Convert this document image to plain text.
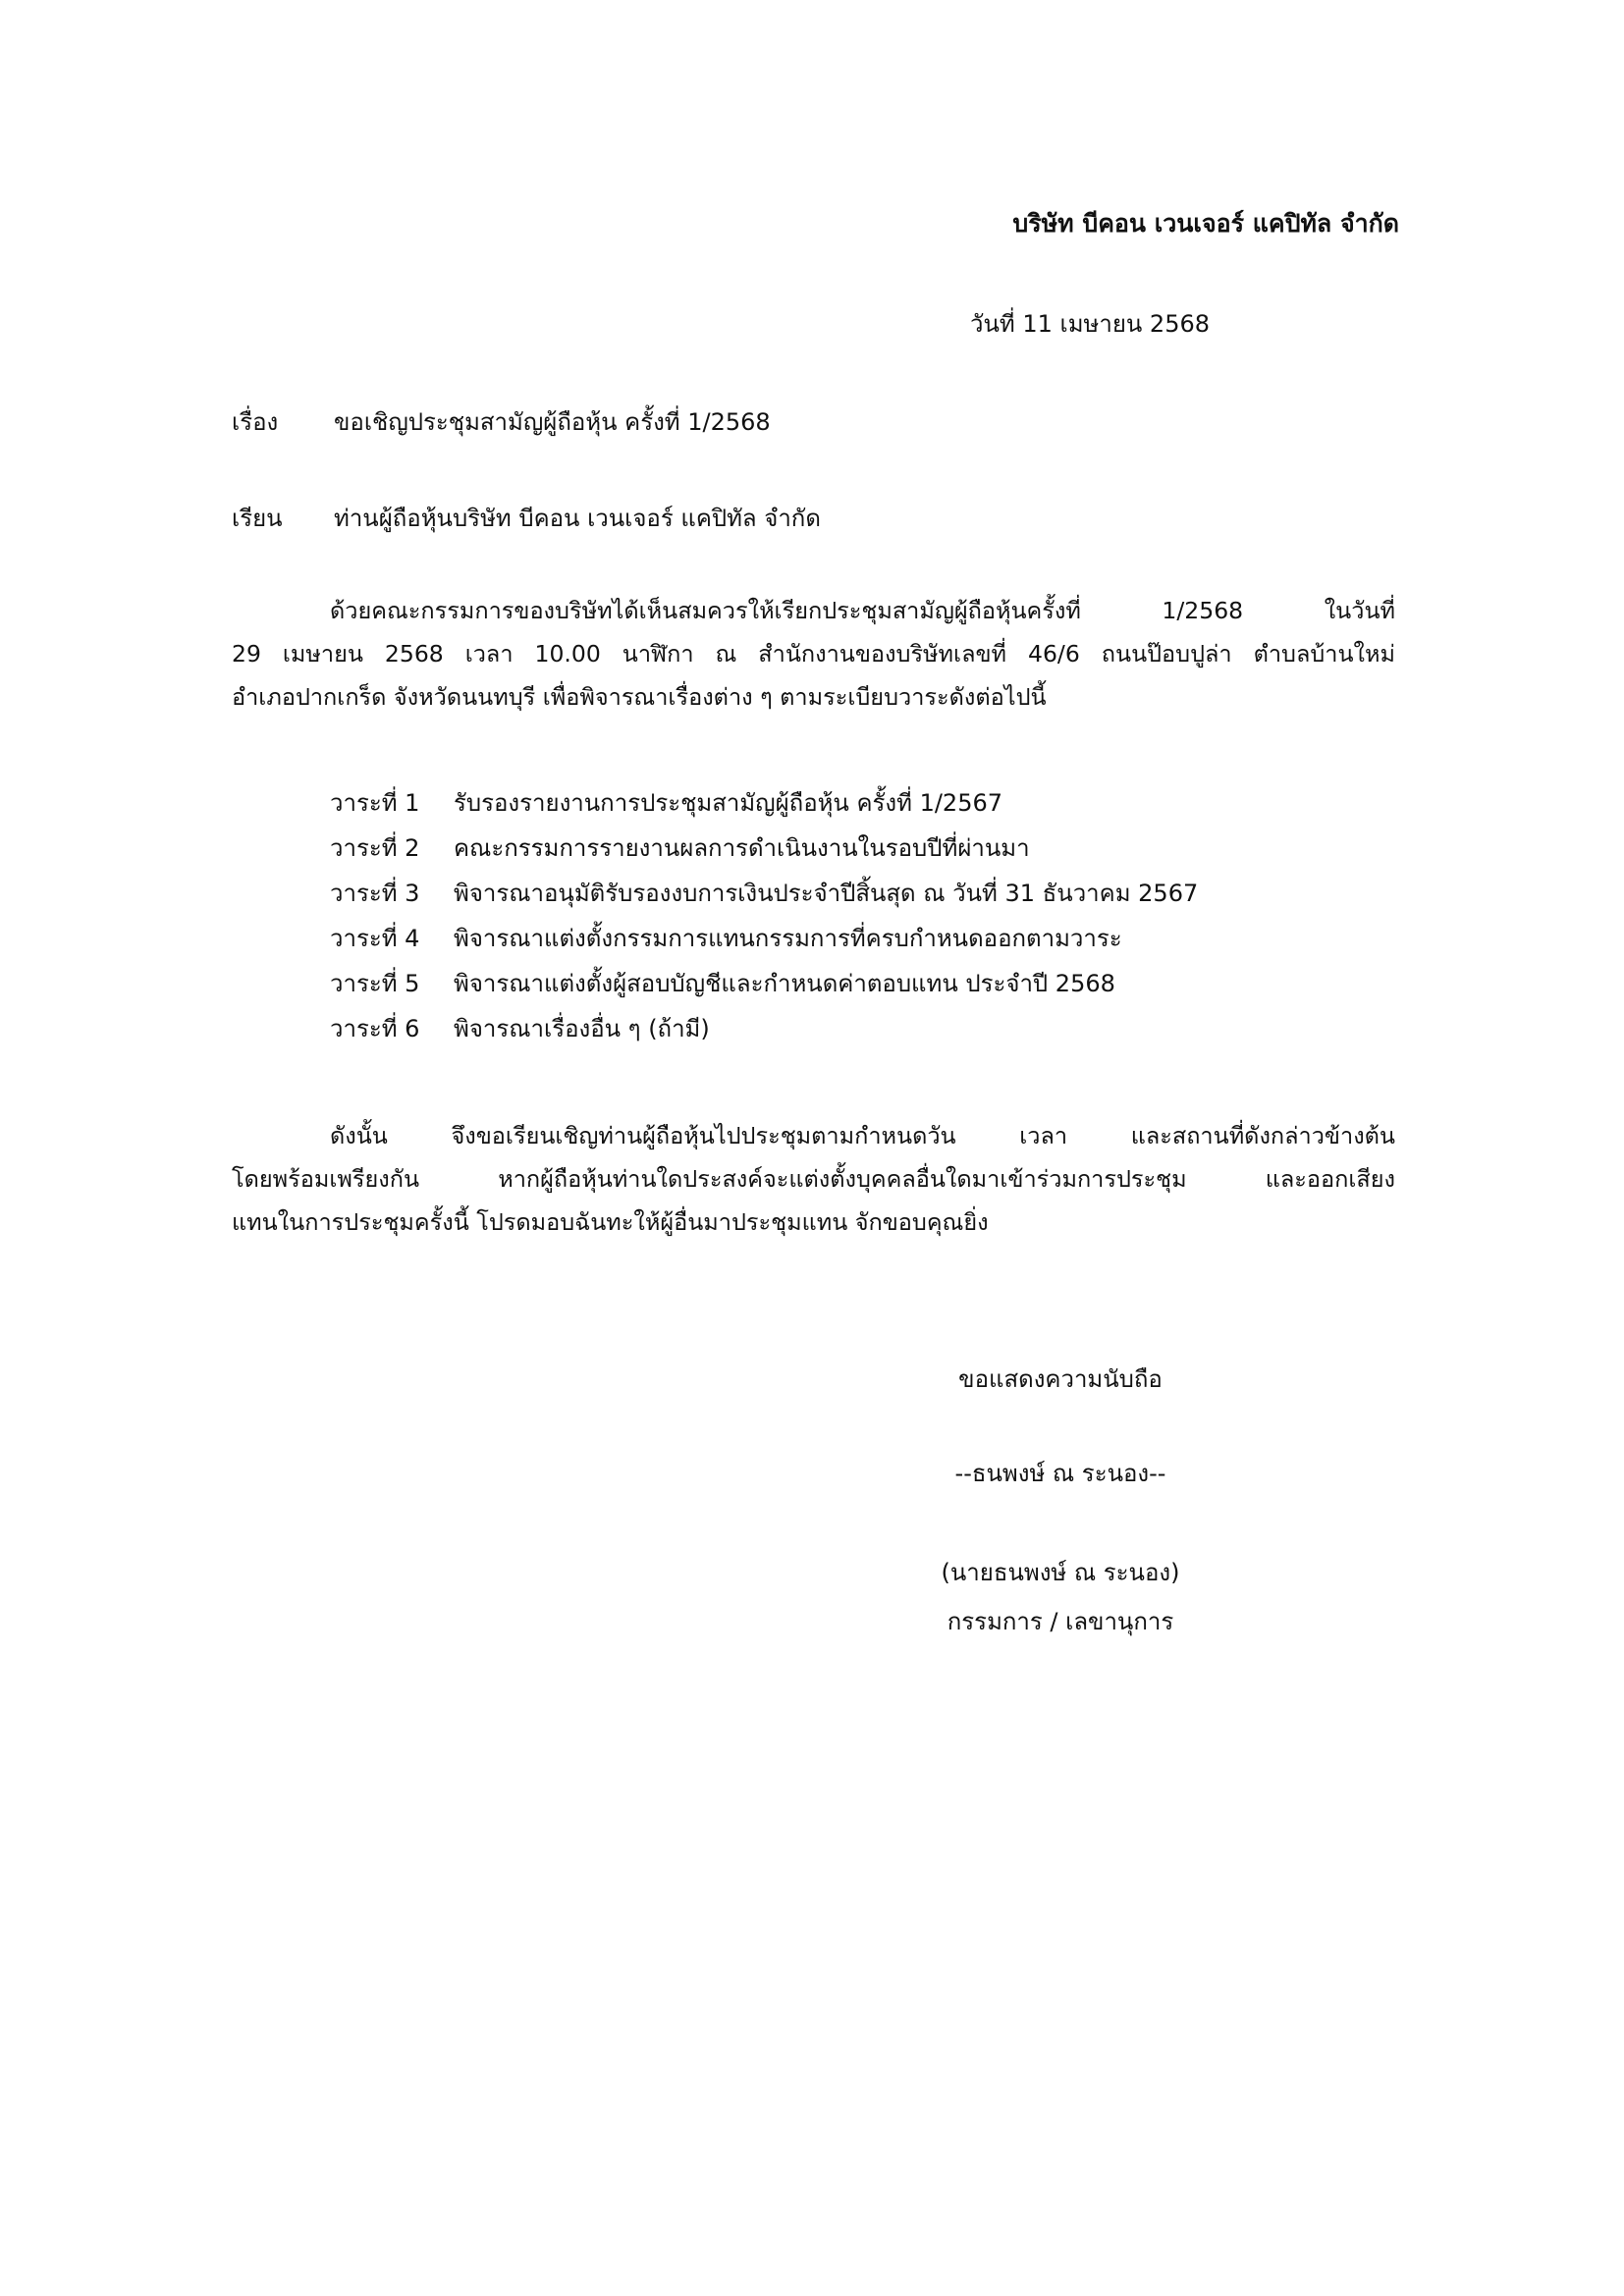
บริษัท บีคอน เวนเจอร์ แคปิทัล จำกัด
วันที่ 11 เมษายน 2568
เรื่อง ขอเชิญประชุมสามัญผู้ถือหุ้น ครั้งที่ 1/2568
เรียน ท่านผู้ถือหุ้นบริษัท บีคอน เวนเจอร์ แคปิทัล จำกัด
ด้วยคณะกรรมการของบริษัทได้เห็นสมควรให้เรียกประชุมสามัญผู้ถือหุ้นครั้งที่ 1/2568 ในวันที่
29 เมษายน 2568 เวลา 10.00 นาฬิกา ณ สำนักงานของบริษัทเลขที่ 46/6 ถนนป๊อบปูล่า ตำบลบ้านใหม่
อำเภอปากเกร็ด จังหวัดนนทบุรี เพื่อพิจารณาเรื่องต่าง ๆ ตามระเบียบวาระดังต่อไปนี้
วาระที่ 1	รับรองรายงานการประชุมสามัญผู้ถือหุ้น ครั้งที่ 1/2567
วาระที่ 2	คณะกรรมการรายงานผลการดำเนินงานในรอบปีที่ผ่านมา
วาระที่ 3	พิจารณาอนุมัติรับรองงบการเงินประจำปีสิ้นสุด ณ วันที่ 31 ธันวาคม 2567
วาระที่ 4	พิจารณาแต่งตั้งกรรมการแทนกรรมการที่ครบกำหนดออกตามวาระ
วาระที่ 5	พิจารณาแต่งตั้งผู้สอบบัญชีและกำหนดค่าตอบแทน ประจำปี 2568
วาระที่ 6	พิจารณาเรื่องอื่น ๆ (ถ้ามี)
ดังนั้น จึงขอเรียนเชิญท่านผู้ถือหุ้นไปประชุมตามกำหนดวัน เวลา และสถานที่ดังกล่าวข้างต้น
โดยพร้อมเพรียงกัน หากผู้ถือหุ้นท่านใดประสงค์จะแต่งตั้งบุคคลอื่นใดมาเข้าร่วมการประชุม และออกเสียง
แทนในการประชุมครั้งนี้ โปรดมอบฉันทะให้ผู้อื่นมาประชุมแทน จักขอบคุณยิ่ง
ขอแสดงความนับถือ
--ธนพงษ์ ณ ระนอง--
(นายธนพงษ์ ณ ระนอง)
กรรมการ / เลขานุการ
